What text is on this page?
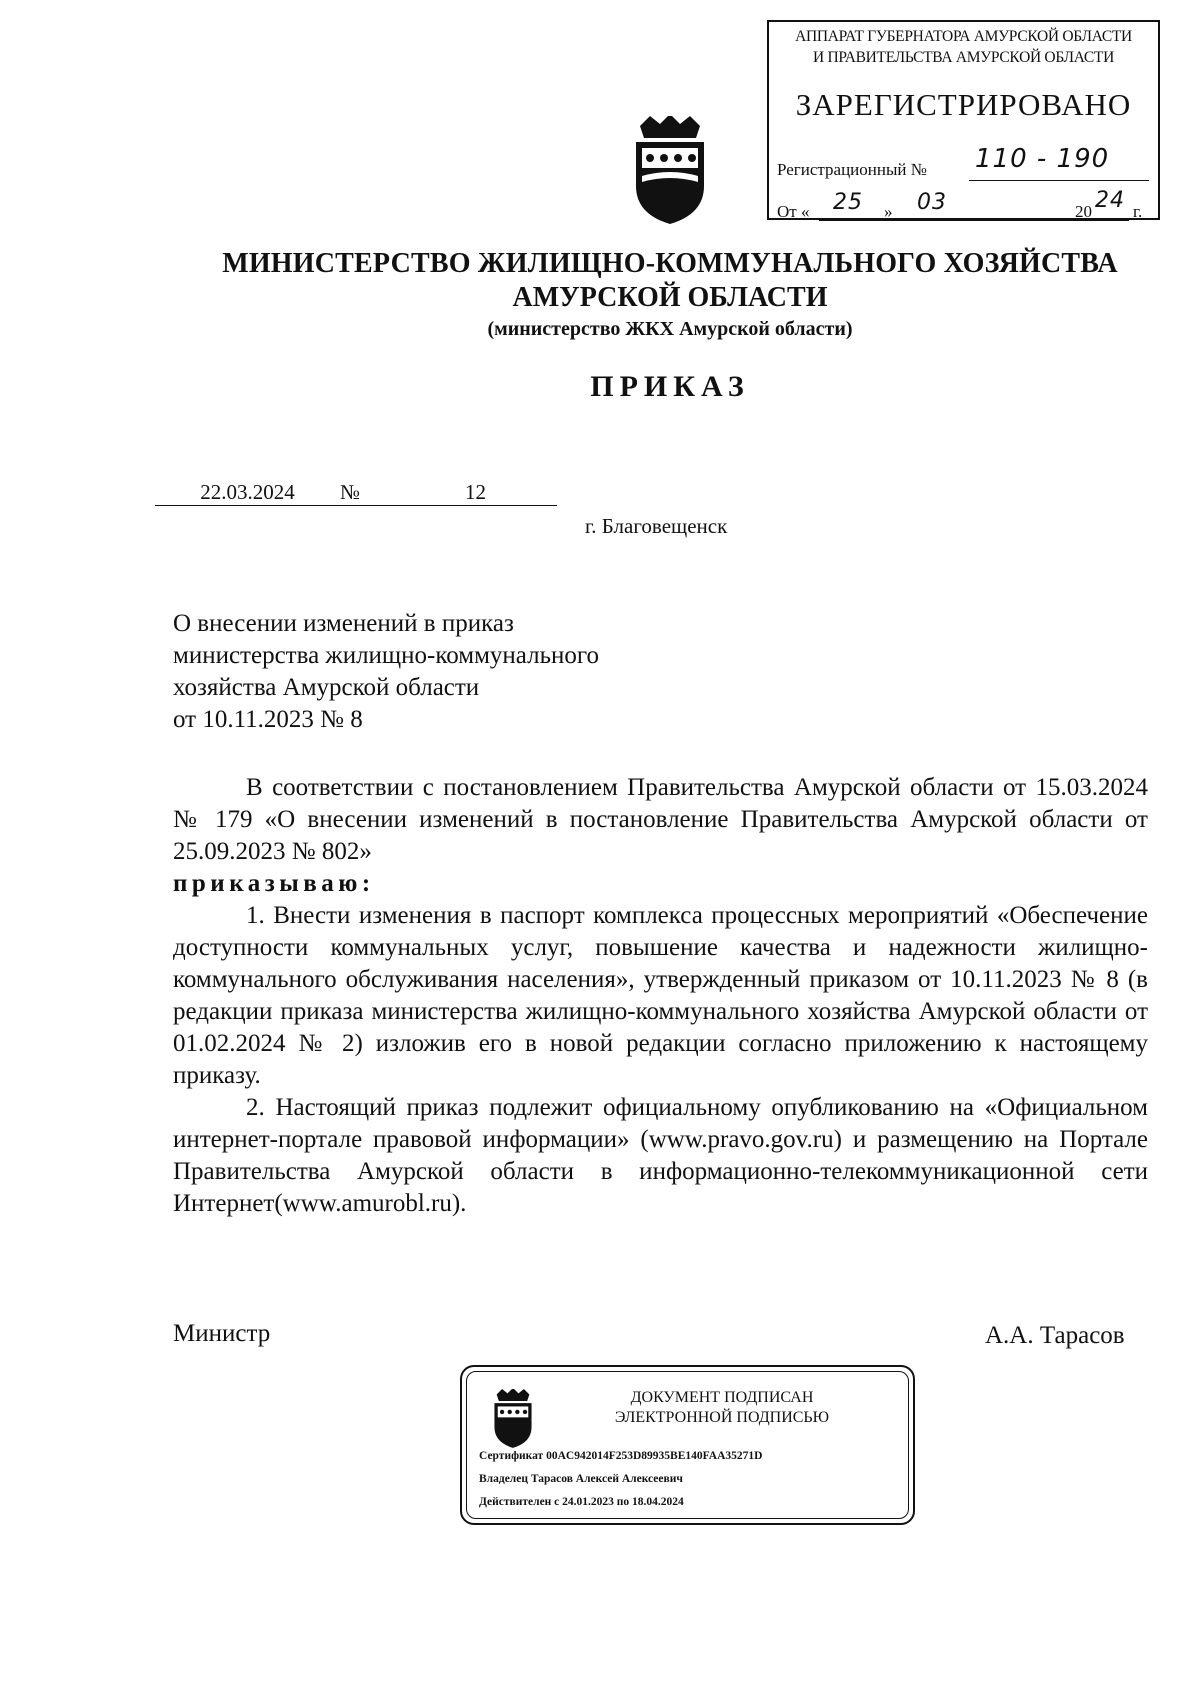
АППАРАТ ГУБЕРНАТОРА АМУРСКОЙ ОБЛАСТИ
И ПРАВИТЕЛЬСТВА АМУРСКОЙ ОБЛАСТИ
ЗАРЕГИСТРИРОВАНО
Регистрационный № 110 - 190
От « 25 » 03	20 24 г.
МИНИСТЕРСТВО ЖИЛИЩНО-КОММУНАЛЬНОГО ХОЗЯЙСТВА
АМУРСКОЙ ОБЛАСТИ
(министерство ЖКХ Амурской области)
ПРИКАЗ
22.03.2024 №	12
г. Благовещенск
О внесении изменений в приказ
министерства жилищно-коммунального
хозяйства Амурской области
от 10.11.2023 № 8

В соответствии с постановлением Правительства Амурской области от 15.03.2024 № 179 «О внесении изменений в постановление Правительства Амурской области от 25.09.2023 № 802»

приказываю:

1. Внести изменения в паспорт комплекса процессных мероприятий «Обеспечение доступности коммунальных услуг, повышение качества и надежности жилищно-коммунального обслуживания населения», утвержденный приказом от 10.11.2023 № 8 (в редакции приказа министерства жилищно-коммунального хозяйства Амурской области от 01.02.2024 № 2) изложив его в новой редакции согласно приложению к настоящему приказу.

2. Настоящий приказ подлежит официальному опубликованию на «Официальном интернет-портале правовой информации» (www.pravo.gov.ru) и размещению на Портале Правительства Амурской области в информационно-телекоммуникационной сети Интернет(www.amurobl.ru).

Министр	А.А. Тарасов
ДОКУМЕНТ ПОДПИСАН
ЭЛЕКТРОННОЙ ПОДПИСЬЮ
Сертификат 00AC942014F253D89935BE140FAA35271D
Владелец Тарасов Алексей Алексеевич
Действителен с 24.01.2023 по 18.04.2024
